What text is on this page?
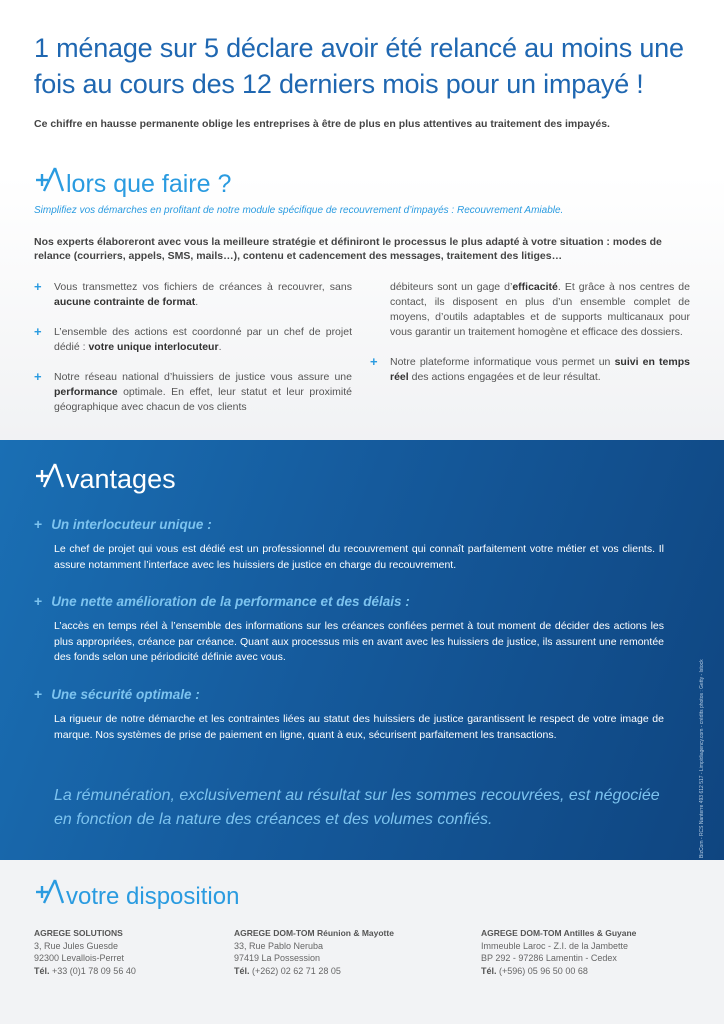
1 ménage sur 5 déclare avoir été relancé au moins une fois au cours des 12 derniers mois pour un impayé !

Ce chiffre en hausse permanente oblige les entreprises à être de plus en plus attentives au traitement des impayés.

lors que faire ?

Simplifiez vos démarches en profitant de notre module spécifique de recouvrement d’impayés : Recouvrement Amiable.

Nos experts élaboreront avec vous la meilleure stratégie et définiront le processus le plus adapté à votre situation : modes de relance (courriers, appels, SMS, mails…), contenu et cadencement des messages, traitement des litiges…

+ Vous transmettez vos fichiers de créances à recouvrer, sans aucune contrainte de format.
+ L’ensemble des actions est coordonné par un chef de projet dédié : votre unique interlocuteur.
+ Notre réseau national d’huissiers de justice vous assure une performance optimale. En effet, leur statut et leur proximité géographique avec chacun de vos clients
débiteurs sont un gage d’efficacité. Et grâce à nos centres de contact, ils disposent en plus d’un ensemble complet de moyens, d’outils adaptables et de supports multicanaux pour vous garantir un traitement homogène et efficace des dossiers.
+ Notre plateforme informatique vous permet un suivi en temps réel des actions engagées et de leur résultat.
vantages
+ Un interlocuteur unique :

Le chef de projet qui vous est dédié est un professionnel du recouvrement qui connaît parfaitement votre métier et vos clients. Il assure notamment l’interface avec les huissiers de justice en charge du recouvrement.

+ Une nette amélioration de la performance et des délais :

L’accès en temps réel à l’ensemble des informations sur les créances confiées permet à tout moment de décider des actions les plus appropriées, créance par créance. Quant aux processus mis en avant avec les huissiers de justice, ils assurent une remontée des fonds selon une périodicité définie avec vous.

+ Une sécurité optimale :

La rigueur de notre démarche et les contraintes liées au statut des huissiers de justice garantissent le respect de votre image de marque. Nos systèmes de prise de paiement en ligne, quant à eux, sécurisent parfaitement les transactions.

La rémunération, exclusivement au résultat sur les sommes recouvrées, est négociée en fonction de la nature des créances et des volumes confiés.	BizCom - RCS Nanterre 493 612 517 - Limpidiagency.com - crédits photos : Getty - Istock
votre disposition
AGREGE SOLUTIONS
3, Rue Jules Guesde
92300 Levallois-Perret
Tél. +33 (0)1 78 09 56 40
AGREGE DOM-TOM Réunion & Mayotte
33, Rue Pablo Neruba
97419 La Possession
Tél. (+262) 02 62 71 28 05
AGREGE DOM-TOM Antilles & Guyane
Immeuble Laroc - Z.I. de la Jambette
BP 292 - 97286 Lamentin - Cedex
Tél. (+596) 05 96 50 00 68
